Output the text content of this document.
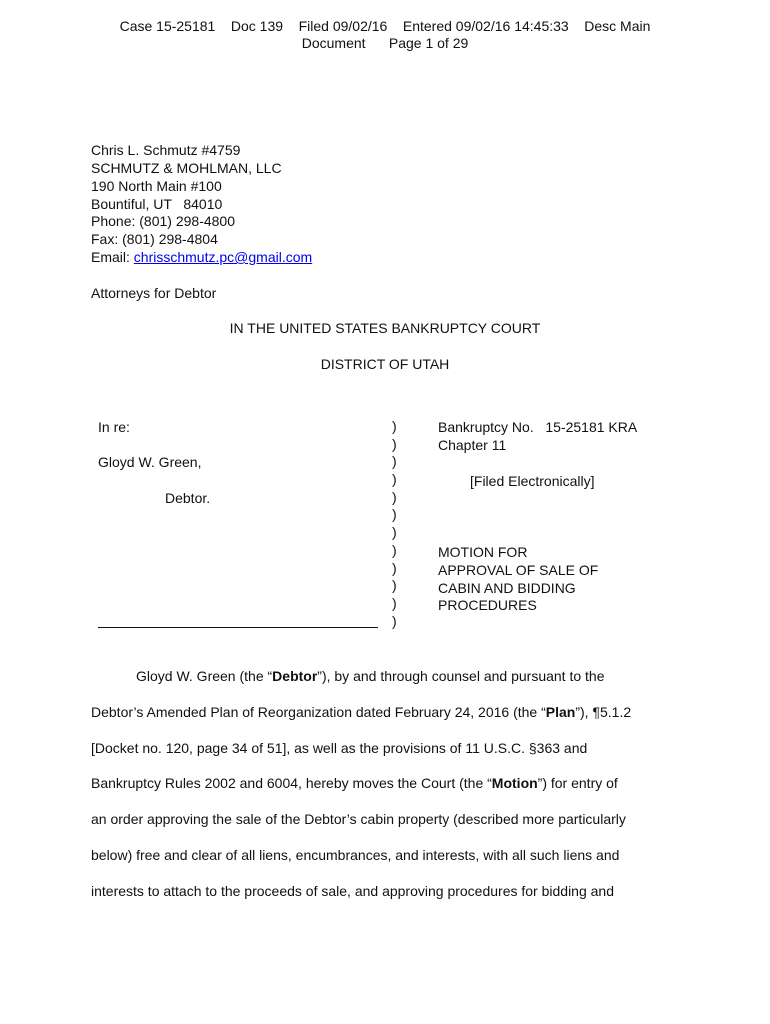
Case 15-25181    Doc 139    Filed 09/02/16    Entered 09/02/16 14:45:33    Desc Main
Document      Page 1 of 29
Chris L. Schmutz #4759
SCHMUTZ & MOHLMAN, LLC
190 North Main #100
Bountiful, UT   84010
Phone: (801) 298-4800
Fax: (801) 298-4804
Email: chrisschmutz.pc@gmail.com
Attorneys for Debtor
IN THE UNITED STATES BANKRUPTCY COURT
DISTRICT OF UTAH
In re:
Gloyd W. Green,
Debtor.
)
)
)
)
)
)
)
)
)
)
)
)
Bankruptcy No.   15-25181 KRA
Chapter 11
[Filed Electronically]
MOTION FOR
APPROVAL OF SALE OF
CABIN AND BIDDING
PROCEDURES
Gloyd W. Green (the “Debtor”), by and through counsel and pursuant to the
Debtor’s Amended Plan of Reorganization dated February 24, 2016 (the “Plan”), ¶5.1.2
[Docket no. 120, page 34 of 51], as well as the provisions of 11 U.S.C. §363 and
Bankruptcy Rules 2002 and 6004, hereby moves the Court (the “Motion”) for entry of
an order approving the sale of the Debtor’s cabin property (described more particularly
below) free and clear of all liens, encumbrances, and interests, with all such liens and
interests to attach to the proceeds of sale, and approving procedures for bidding and
